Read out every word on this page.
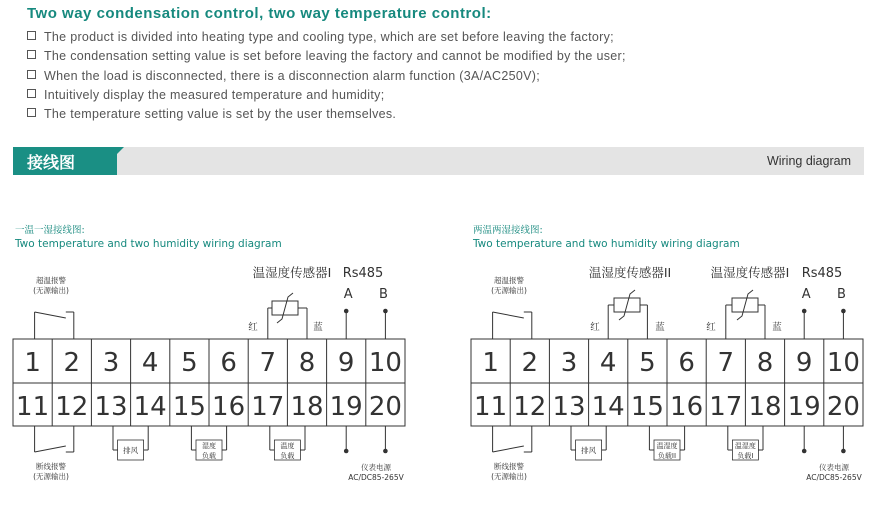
Two way condensation control, two way temperature control:
The product is divided into heating type and cooling type, which are set before leaving the factory;
The condensation setting value is set before leaving the factory and cannot be modified by the user;
When the load is disconnected, there is a disconnection alarm function (3A/AC250V);
Intuitively display the measured temperature and humidity;
The temperature setting value is set by the user themselves.
接线图	Wiring diagram
1 2 3 4 5 6 7 8 9 10
11 12 13 14 15 16 17 18 19 20
一温一湿接线图:
Two temperature and two humidity wiring diagram
超温报警
(无源输出)
断线报警
(无源输出)
排风	湿度
负载
温度
负载
仪表电源
AC/DC85-265V
A B
温湿度传感器I Rs485
红	蓝
1 2 3 4 5 6 7 8 9 10
11 12 13 14 15 16 17 18 19 20
两温两湿接线图:
Two temperature and two humidity wiring diagram
超温报警
(无源输出)
断线报警
(无源输出)
排风	温湿度
负载II
温湿度
负载I
仪表电源
AC/DC85-265V
A B
温湿度传感器II	温湿度传感器I Rs485
红	蓝	红	蓝
